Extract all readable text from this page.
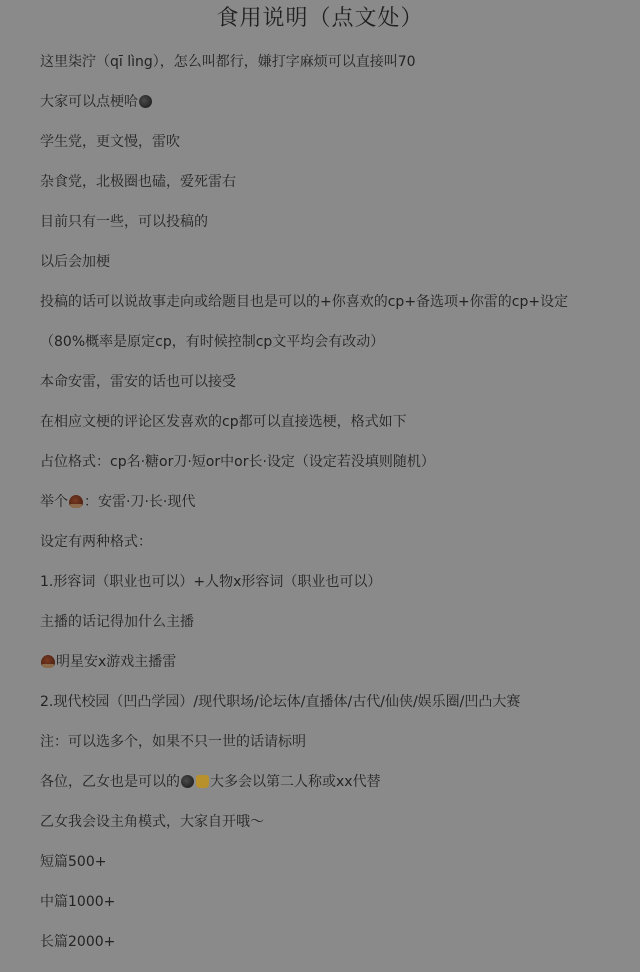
食用说明（点文处）
这里柒泞（qī lìng），怎么叫都行，嫌打字麻烦可以直接叫70
大家可以点梗哈
学生党，更文慢，雷吹
杂食党，北极圈也磕，爱死雷右
目前只有一些，可以投稿的
以后会加梗
投稿的话可以说故事走向或给题目也是可以的+你喜欢的cp+备选项+你雷的cp+设定
（80%概率是原定cp，有时候控制cp文平均会有改动）
本命安雷，雷安的话也可以接受
在相应文梗的评论区发喜欢的cp都可以直接选梗，格式如下
占位格式：cp名·糖or刀·短or中or长·设定（设定若没填则随机）
举个 ：安雷·刀·长·现代
设定有两种格式：
1.形容词（职业也可以）+人物x形容词（职业也可以）
主播的话记得加什么主播
明星安x游戏主播雷
2.现代校园（凹凸学园）/现代职场/论坛体/直播体/古代/仙侠/娱乐圈/凹凸大赛
注：可以选多个，如果不只一世的话请标明
各位，乙女也是可以的 大多会以第二人称或xx代替
乙女我会设主角模式，大家自开哦～
短篇500+
中篇1000+
长篇2000+
